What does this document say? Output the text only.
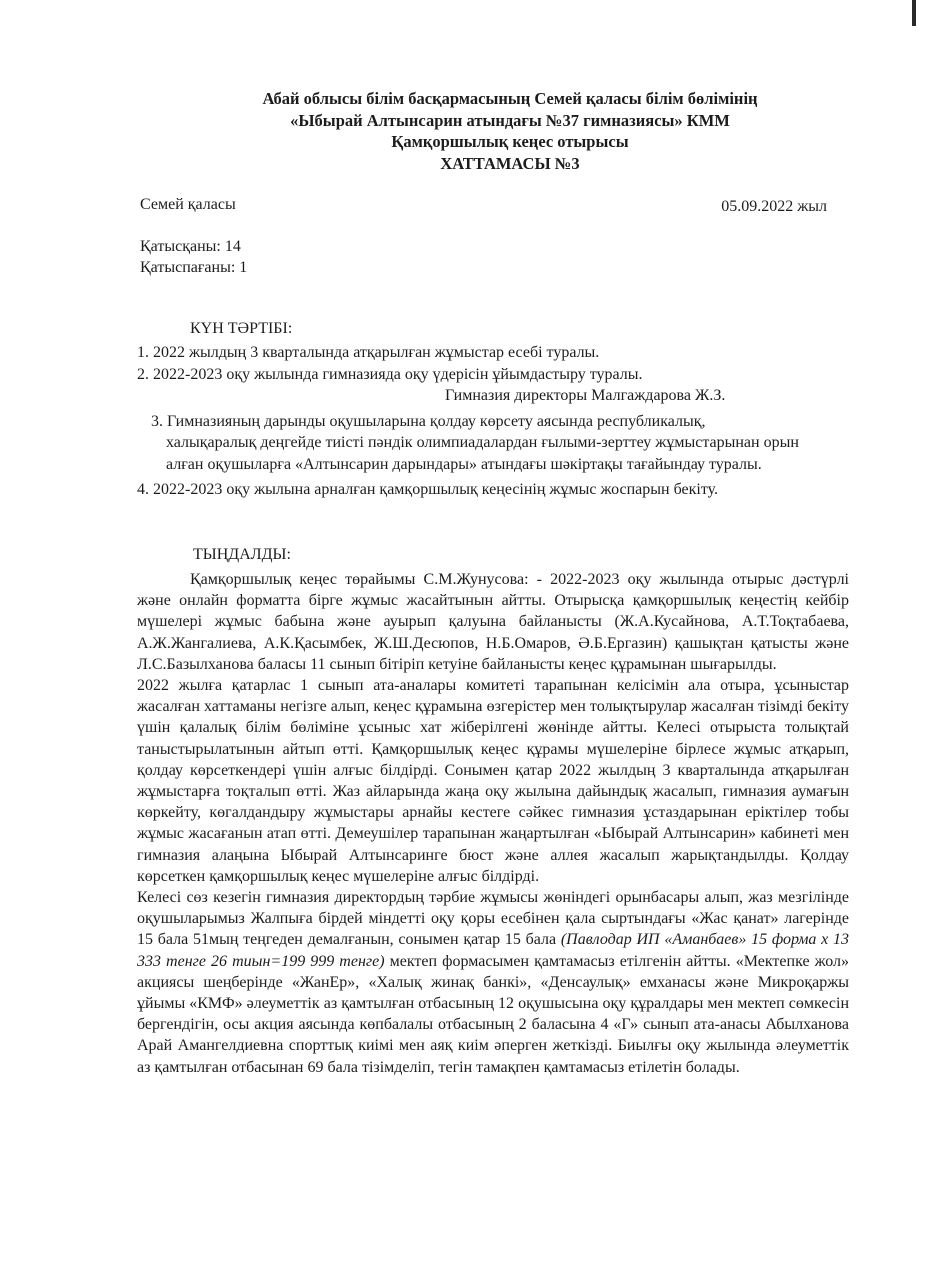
Абай облысы білім басқармасының Семей қаласы білім бөлімінің
«Ыбырай Алтынсарин атындағы №37 гимназиясы» КММ
Қамқоршылық кеңес отырысы
ХАТТАМАСЫ №3
Семей қаласы	05.09.2022 жыл
Қатысқаны: 14
Қатыспағаны: 1
КҮН ТӘРТІБІ:
1. 2022 жылдың 3 кварталында атқарылған жұмыстар есебі туралы.
2. 2022-2023 оқу жылында гимназияда оқу үдерісін ұйымдастыру туралы.
Гимназия директоры Малгаждарова Ж.З.
3. Гимназияның дарынды оқушыларына қолдау көрсету аясында республикалық,
халықаралық деңгейде тиісті пәндік олимпиадалардан ғылыми-зерттеу жұмыстарынан орын алған оқушыларға «Алтынсарин дарындары» атындағы шәкіртақы тағайындау туралы.
4. 2022-2023 оқу жылына арналған қамқоршылық кеңесінің жұмыс жоспарын бекіту.
ТЫҢДАЛДЫ:

Қамқоршылық кеңес төрайымы С.М.Жунусова: - 2022-2023 оқу жылында отырыс дәстүрлі және онлайн форматта бірге жұмыс жасайтынын айтты. Отырысқа қамқоршылық кеңестің кейбір мүшелері жұмыс бабына және ауырып қалуына байланысты (Ж.А.Кусайнова, А.Т.Тоқтабаева, А.Ж.Жангалиева, А.К.Қасымбек, Ж.Ш.Десюпов, Н.Б.Омаров, Ә.Б.Ергазин) қашықтан қатысты және Л.С.Базылханова баласы 11 сынып бітіріп кетуіне байланысты кеңес құрамынан шығарылды.

2022 жылға қатарлас 1 сынып ата-аналары комитеті тарапынан келісімін ала отыра, ұсыныстар жасалған хаттаманы негізге алып, кеңес құрамына өзгерістер мен толықтырулар жасалған тізімді бекіту үшін қалалық білім бөліміне ұсыныс хат жіберілгені жөнінде айтты. Келесі отырыста толықтай таныстырылатынын айтып өтті. Қамқоршылық кеңес құрамы мүшелеріне бірлесе жұмыс атқарып, қолдау көрсеткендері үшін алғыс білдірді. Сонымен қатар 2022 жылдың 3 кварталында атқарылған жұмыстарға тоқталып өтті. Жаз айларында жаңа оқу жылына дайындық жасалып, гимназия аумағын көркейту, көгалдандыру жұмыстары арнайы кестеге сәйкес гимназия ұстаздарынан еріктілер тобы жұмыс жасағанын атап өтті. Демеушілер тарапынан жаңартылған «Ыбырай Алтынсарин» кабинеті мен гимназия алаңына Ыбырай Алтынсаринге бюст және аллея жасалып жарықтандылды. Қолдау көрсеткен қамқоршылық кеңес мүшелеріне алғыс білдірді.

Келесі сөз кезегін гимназия директордың тәрбие жұмысы жөніндегі орынбасары алып, жаз мезгілінде оқушыларымыз Жалпыға бірдей міндетті оқу қоры есебінен қала сыртындағы «Жас қанат» лагерінде 15 бала 51мың теңгеден демалғанын, сонымен қатар 15 бала (Павлодар ИП «Аманбаев» 15 форма х 13 333 тенге 26 тиын=199 999 тенге) мектеп формасымен қамтамасыз етілгенін айтты. «Мектепке жол» акциясы шеңберінде «ЖанЕр», «Халық жинақ банкі», «Денсаулық» емханасы және Микроқаржы ұйымы «КМФ» әлеуметтік аз қамтылған отбасының 12 оқушысына оқу құралдары мен мектеп сөмкесін бергендігін, осы акция аясында көпбалалы отбасының 2 баласына 4 «Г» сынып ата-анасы Абылханова Арай Амангелдиевна спорттық киімі мен аяқ киім әперген жеткізді. Биылғы оқу жылында әлеуметтік аз қамтылған отбасынан 69 бала тізімделіп, тегін тамақпен қамтамасыз етілетін болады.
